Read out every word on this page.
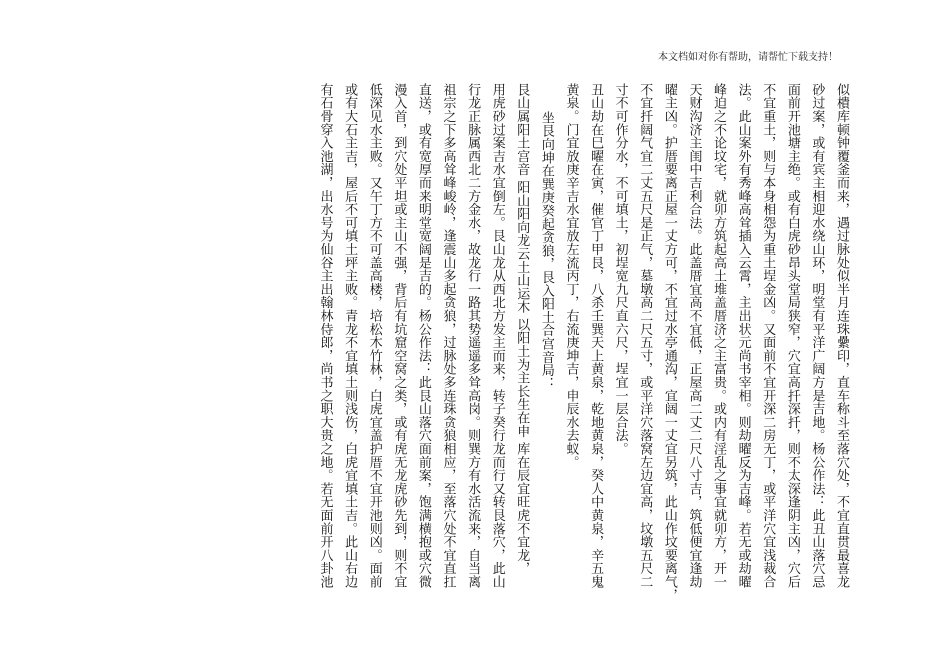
本文档如对你有帮助，请帮忙下载支持！

似樻库顿钟覆釜而来，遇过脉处似半月连珠纍印，直车称斗至落穴处，不宜直贯最喜龙

砂过案，或有宾主相迎水绕山环，明堂有平洋广阔方是吉地。杨公作法：此丑山落穴忌

面前开池塘主绝。或有白虎砂昂头堂局狭窄，穴宜高扦深扦，则不太深逢阴主凶，穴后

不宜重土，则与本身相怨为重土埕金凶。又面前不宜开深二房无丁，或平洋穴宜浅裁合

法。此山案外有秀峰高耸插入云霄，主出状元尚书宰相。则劫曜反为吉峰。若无或劫曜

峰迫之不论坟宅，就卯方筑起高土堆盖厝济之主富贵。或内有淫乱之事宜就卯方，开一

天财沟济主闺中吉利合法。此盖厝宜高不宜低，正屋高二丈二尺八寸吉，筑低便宜逢劫

曜主凶。护厝要离正屋一丈方可，不宜过水亭通沟，宜阔一丈宜另筑，此山作坟要离气，

不宜扦阔气宜二丈五尺是正气，墓墩高二尺五寸，或平洋穴落窝左边宜高，坟墩五尺二

寸不可作分水，不可填土，初埕宽九尺直六尺，埕宜一层合法。

丑山劫在巳曜在寅，催官丁甲艮，八杀壬巽天上黄泉，乾地黄泉，癸人中黄泉，辛五鬼

黄泉。门宜放庚辛吉水宜放左流丙丁，右流庚坤吉，申辰水去蚁。

坐艮向坤在巽庚癸起贪狼，艮入阳土合宫音局：

艮山属阳土宫音 阳山阳向龙云土山运木 以阳土为主长生在申 库在辰宜旺虎不宜龙，

用虎砂过案吉水宜倒左。艮山龙从西北方发主而来，转子癸行龙而行又转艮落穴，此山

行龙正脉属西北二方金水，故龙行一路其势遥遥多耸高岗。则巽方有水活流来，自当离

祖宗之下多高耸峰峻岭，逢震山多起贪狼，过脉处多连珠贪狼相应，至落穴处不宜直扛

直送，或有宽厚而来明堂宽阔是吉的。杨公作法：此艮山落穴面前案，饱满横抱或穴微

漫入首，到穴处平坦或主山不强，背后有坑窟空窝之类，或有虎无龙虎砂先到，则不宜

低深见水主败。又午丁方不可盖高楼，培松木竹林，白虎宜盖护厝不宜开池则凶。面前

或有大石主吉，屋后不可填土坪主败。青龙不宜填土则浅伤，白虎宜填土吉。此山右边

有石骨穿入池湖，出水号为仙谷主出翰林侍郎，尚书之职大贵之地。若无面前开八卦池
